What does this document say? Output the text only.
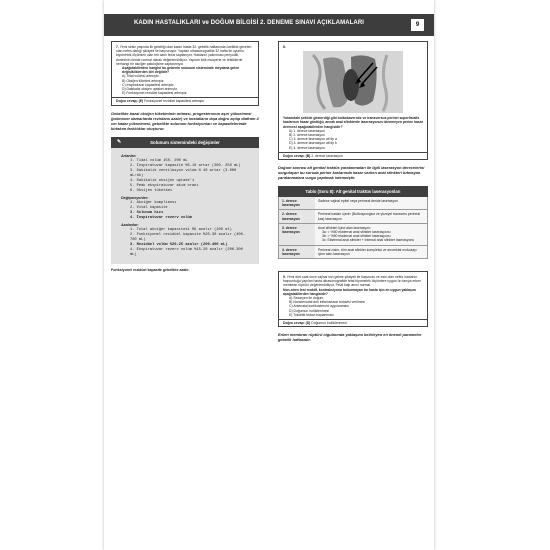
KADIN HASTALIKLARI ve DOĞUM BİLGİSİ 2. DENEME SINAVI AÇIKLAMALARI	9
7. Yirmi sekiz yaşında ilk gebeliği olan kadın hasta 32. gebelik haftasında özellikle geceleri olan nefes darlığı şikâyeti ile başvuruyor. Yapılan ultrasonografide 32 hafta ile uyumlu biyometrik ölçümleri olan tek canlı fetus saptanıyor. Hastanın yakınması periyodik, annesinin ileride normal olarak değerlendiriliyor. Yapılan fizik muayene ve tetkiklerde herhangi bir akciğer patolojisine saptanmıyor.
Aşağıdakilerden hangisi bu gebenin solunum sisteminde meydana gelen değişikliklerden biri değildir?
A) Tidal volümü artmıştır.
B) Oksijen tüketimi artmıştır.
C) İnspiratuvar kapasitesi artmıştır.
D) Dakikalık oksijen uptakei artmıştır.
E) Fonksiyonel rezidüel kapasitesi artmıştır.
Doğru cevap: (E) Fonksiyonel rezidüel kapasitesi artmıştır
Gebelikte bazal oksijen tüketiminin artması, progesteronun aşırı yükselmesi (pulmoner damarlarda rezistans azalır) ve kostalların dışa doğru açılıp diafram 4 cm kadar yükselmesi, gebelikte solunum fonksiyonları ve kapasitelerinde birtakım farklılıklar oluşturur.
✎	Solunum sistemindeki değişimler
Artanlar:
1. Tidal volüm 150- 200 mL
2. İnspiratuvar kapasite %5-10 artar (200- 250 mL)
3. Dakikalık ventilasyon volüm % 40 artar (3.000 mL/dk)
4. Dakikalık oksijen uptake'i
5. Peak ekspiratuvar akım oranı
6. Oksijen tüketimi
Değişmeyenler:
1. Akciğer kompliansı
2. Vital kapasite
3. Solunum hızı
4. İnspiratuvar rezerv volüm
Azalanlar:
1. Total akciğer kapasitesi %5 azalır (200 ml)
2. Fonksiyonel rezidüel kapasite %20-30 azalır (400-700 mL)
3. Rezidüel volüm %20-25 azalır (200-400 mL)
4. Ekspiratuvar rezerv volüm %15-20 azalır (200-300 mL)
Fonksiyonel rezidüel kapasite gebelikte azalır.
8.
Yukarıdaki şekilde gösterdiği gibi bulbokavernöz ve transversus perinei superfisialis kaslarının hasar gördüğü, ancak anal sfinkterde laserasyonun izlenmeyen perine hasar derecesi aşağıdakilerden hangisidir?
A) 1. derece laserasyon
B) 2. derece laserasyon
C) 3. derece laserasyon alt tip a
D) 3. derece laserasyon alt tip b
E) 4. derece laserasyon
Doğru cevap: (B) 2. derece laserasyon
Doğum sonrası alt genital traktüs yaralanmaları ile ilgili laserasyon derecelerini sorgulayan bu soruda perine kaslarında hasar varken anal sfinkteri tutmayan yaralanmalara vurgu yapılmak istenmiştir.
Tablo (Soru 8): Alt genital traktüs laserasyonları
1. derece laserasyon
Sadece vajinal epitel veya perineal deride laserasyon
2. derece laserasyon
Perineal kasları içerirr (Bulbospongioz ve yüzeyel transvers perineal kas) laserasyon
3. derece laserasyon
Anal sfinkteri içine alan laserasyon;
3a: < %50 eksternal anal sfinkter laserasyonu
3b: > %50 eksternal anal sfinkter laserasyonu
3c: Eksternal anal sfinkter + internal anal sfinkter laserasyonu
4. derece laserasyon
Perineal cisim, tüm anal sfinkter kompleksi ve anorektal mukozayı içine alan laserasyon
9. Yirmi dört saat önce vajinal sıvı gelme şikayeti ile başvurdu ve eski olan nefes hastanın başvurduğu yapılan hasta ultrasonografide fetal biyometrik ölçümlere uygun ön tanıya erken membran rüptürü değerlendiriliyor. Fetal kalp atımı normal.
Non-stres test reaktif, kontraksiyonu bulunmayan bu hasta için en uygun yaklaşım aşağıdakilerden hangisidir?
A) Sezaryen ile doğum
B) Nonsteroidal anti inflamatuvar tedavisi verilmesi
C) Antenatal kortikosteroid uygulanması
D) Doğumun indüklenmesi
E) Tokolitik tedavi başlanması
Doğru cevap: (D) Doğumun indüklenmesi
Erken membran rüptürü olgularında yaklaşımı belirleyen en önemli parametre gebelik haftasıdır.
